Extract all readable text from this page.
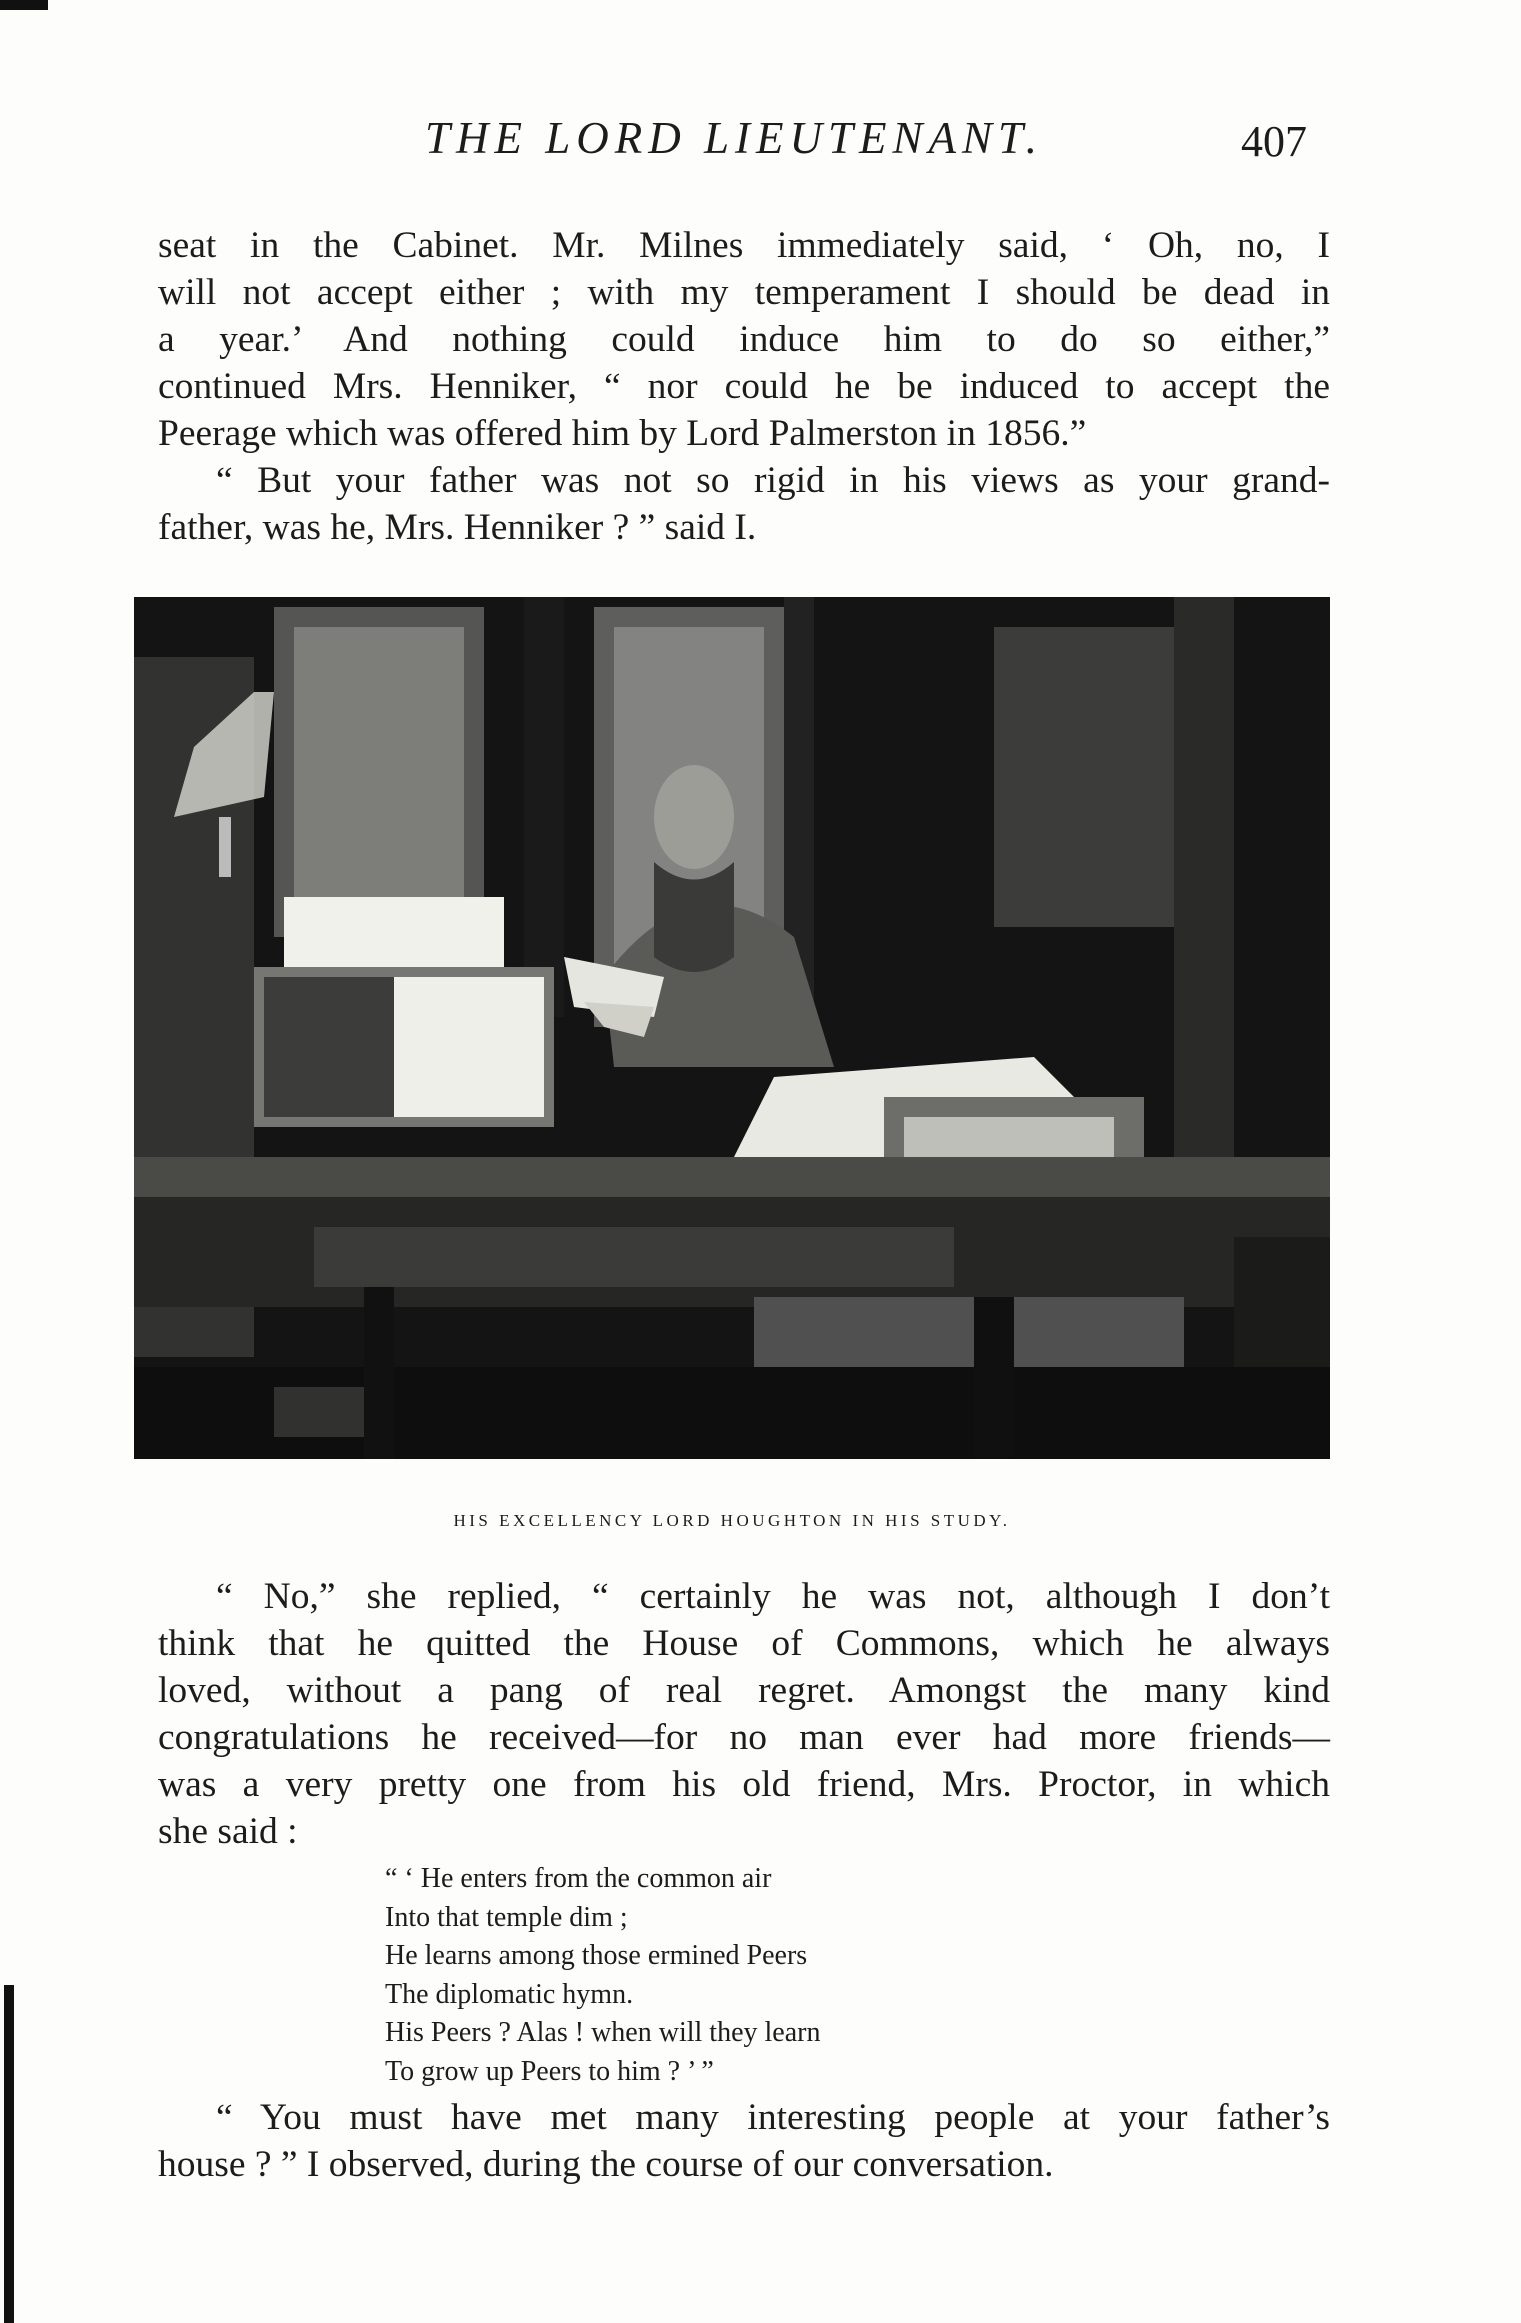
THE LORD LIEUTENANT.	407
seat in the Cabinet. Mr. Milnes immediately said, ‘ Oh, no, I
will not accept either ; with my temperament I should be dead in
a year.’ And nothing could induce him to do so either,”
continued Mrs. Henniker, “ nor could he be induced to accept the
Peerage which was offered him by Lord Palmerston in 1856.”
“ But your father was not so rigid in his views as your grand-
father, was he, Mrs. Henniker ? ” said I.
HIS EXCELLENCY LORD HOUGHTON IN HIS STUDY.
“ No,” she replied, “ certainly he was not, although I don’t
think that he quitted the House of Commons, which he always
loved, without a pang of real regret. Amongst the many kind
congratulations he received—for no man ever had more friends—
was a very pretty one from his old friend, Mrs. Proctor, in which
she said :
“ ‘ He enters from the common air
Into that temple dim ;
He learns among those ermined Peers
The diplomatic hymn.
His Peers ? Alas ! when will they learn
To grow up Peers to him ? ’ ”
“ You must have met many interesting people at your father’s
house ? ” I observed, during the course of our conversation.
